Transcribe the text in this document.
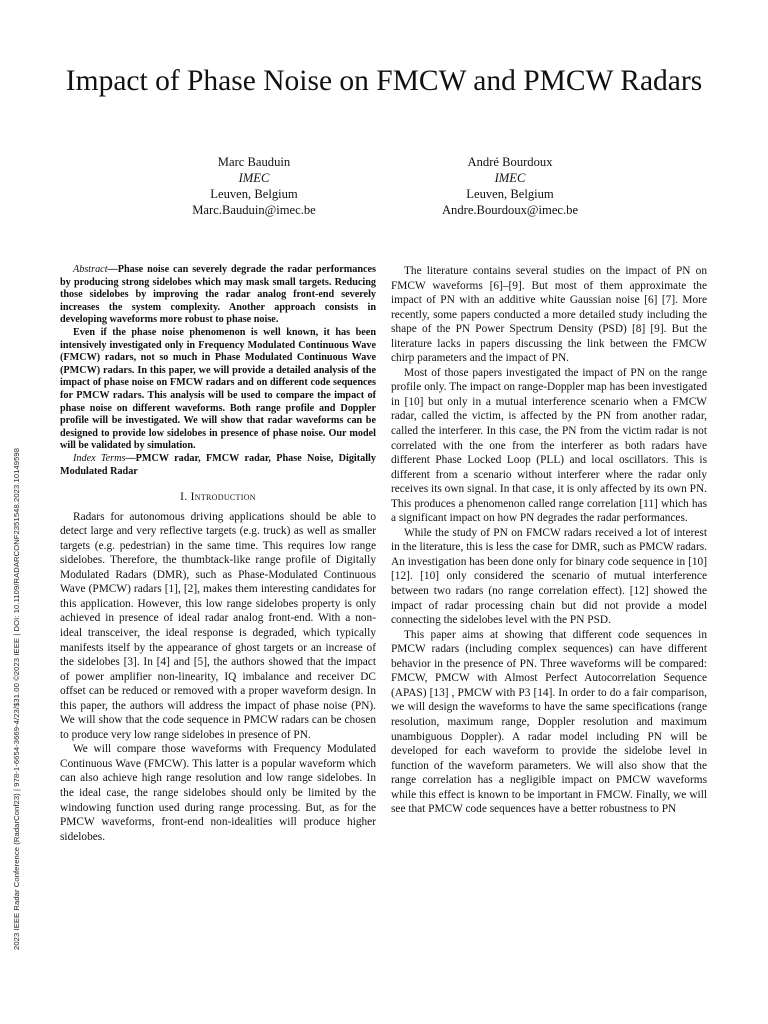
2023 IEEE Radar Conference (RadarConf23) | 978-1-6654-3669-4/23/$31.00 ©2023 IEEE | DOI: 10.1109/RADARCONF2351548.2023.10149598
Impact of Phase Noise on FMCW and PMCW Radars
Marc Bauduin
IMEC
Leuven, Belgium
Marc.Bauduin@imec.be
André Bourdoux
IMEC
Leuven, Belgium
Andre.Bourdoux@imec.be

Abstract—Phase noise can severely degrade the radar performances by producing strong sidelobes which may mask small targets. Reducing those sidelobes by improving the radar analog front-end severely increases the system complexity. Another approach consists in developing waveforms more robust to phase noise.

Even if the phase noise phenomenon is well known, it has been intensively investigated only in Frequency Modulated Continuous Wave (FMCW) radars, not so much in Phase Modulated Continuous Wave (PMCW) radars. In this paper, we will provide a detailed analysis of the impact of phase noise on FMCW radars and on different code sequences for PMCW radars. This analysis will be used to compare the impact of phase noise on different waveforms. Both range profile and Doppler profile will be investigated. We will show that radar waveforms can be designed to provide low sidelobes in presence of phase noise. Our model will be validated by simulation.

Index Terms—PMCW radar, FMCW radar, Phase Noise, Digitally Modulated Radar

I. Introduction

Radars for autonomous driving applications should be able to detect large and very reflective targets (e.g. truck) as well as smaller targets (e.g. pedestrian) in the same time. This requires low range sidelobes. Therefore, the thumbtack-like range profile of Digitally Modulated Radars (DMR), such as Phase-Modulated Continuous Wave (PMCW) radars [1], [2], makes them interesting candidates for this application. However, this low range sidelobes property is only achieved in presence of ideal radar analog front-end. With a non-ideal transceiver, the ideal response is degraded, which typically manifests itself by the appearance of ghost targets or an increase of the sidelobes [3]. In [4] and [5], the authors showed that the impact of power amplifier non-linearity, IQ imbalance and receiver DC offset can be reduced or removed with a proper waveform design. In this paper, the authors will address the impact of phase noise (PN). We will show that the code sequence in PMCW radars can be chosen to produce very low range sidelobes in presence of PN.

We will compare those waveforms with Frequency Modulated Continuous Wave (FMCW). This latter is a popular waveform which can also achieve high range resolution and low range sidelobes. In the ideal case, the range sidelobes should only be limited by the windowing function used during range processing. But, as for the PMCW waveforms, front-end non-idealities will produce higher sidelobes.

The literature contains several studies on the impact of PN on FMCW waveforms [6]–[9]. But most of them approximate the impact of PN with an additive white Gaussian noise [6] [7]. More recently, some papers conducted a more detailed study including the shape of the PN Power Spectrum Density (PSD) [8] [9]. But the literature lacks in papers discussing the link between the FMCW chirp parameters and the impact of PN.

Most of those papers investigated the impact of PN on the range profile only. The impact on range-Doppler map has been investigated in [10] but only in a mutual interference scenario when a FMCW radar, called the victim, is affected by the PN from another radar, called the interferer. In this case, the PN from the victim radar is not correlated with the one from the interferer as both radars have different Phase Locked Loop (PLL) and local oscillators. This is different from a scenario without interferer where the radar only receives its own signal. In that case, it is only affected by its own PN. This produces a phenomenon called range correlation [11] which has a significant impact on how PN degrades the radar performances.

While the study of PN on FMCW radars received a lot of interest in the literature, this is less the case for DMR, such as PMCW radars. An investigation has been done only for binary code sequence in [10] [12]. [10] only considered the scenario of mutual interference between two radars (no range correlation effect). [12] showed the impact of radar processing chain but did not provide a model connecting the sidelobes level with the PN PSD.

This paper aims at showing that different code sequences in PMCW radars (including complex sequences) can have different behavior in the presence of PN. Three waveforms will be compared: FMCW, PMCW with Almost Perfect Autocorrelation Sequence (APAS) [13] , PMCW with P3 [14]. In order to do a fair comparison, we will design the waveforms to have the same specifications (range resolution, maximum range, Doppler resolution and maximum unambiguous Doppler). A radar model including PN will be developed for each waveform to provide the sidelobe level in function of the waveform parameters. We will also show that the range correlation has a negligible impact on PMCW waveforms while this effect is known to be important in FMCW. Finally, we will see that PMCW code sequences have a better robustness to PN
